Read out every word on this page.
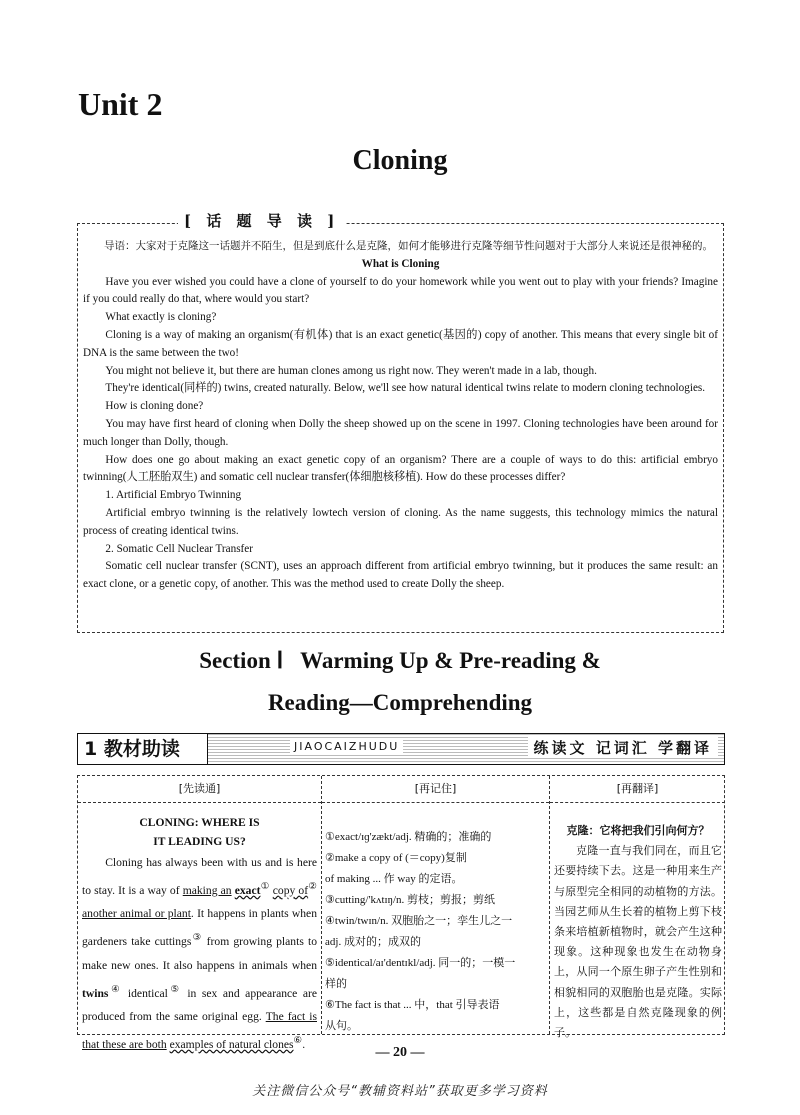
Unit 2
Cloning
[ 话 题 导 读 ]

导语：大家对于克隆这一话题并不陌生，但是到底什么是克隆，如何才能够进行克隆等细节性问题对于大部分人来说还是很神秘的。

What is Cloning

Have you ever wished you could have a clone of yourself to do your homework while you went out to play with your friends? Imagine if you could really do that, where would you start?

What exactly is cloning?

Cloning is a way of making an organism(有机体) that is an exact genetic(基因的) copy of another. This means that every single bit of DNA is the same between the two!

You might not believe it, but there are human clones among us right now. They weren't made in a lab, though.

They're identical(同样的) twins, created naturally. Below, we'll see how natural identical twins relate to modern cloning technologies.

How is cloning done?

You may have first heard of cloning when Dolly the sheep showed up on the scene in 1997. Cloning technologies have been around for much longer than Dolly, though.

How does one go about making an exact genetic copy of an organism? There are a couple of ways to do this: artificial embryo twinning(人工胚胎双生) and somatic cell nuclear transfer(体细胞核移植). How do these processes differ?

1. Artificial Embryo Twinning

Artificial embryo twinning is the relatively lowtech version of cloning. As the name suggests, this technology mimics the natural process of creating identical twins.

2. Somatic Cell Nuclear Transfer

Somatic cell nuclear transfer (SCNT), uses an approach different from artificial embryo twinning, but it produces the same result: an exact clone, or a genetic copy, of another. This was the method used to create Dolly the sheep.

Section Ⅰ   Warming Up & Pre-reading &
Reading—Comprehending
1 教材助读	JIAOCAIZHUDU	练读文 记词汇 学翻译
[先读通]
CLONING: WHERE IS
IT LEADING US?

Cloning has always been with us and is here to stay. It is a way of making an exact① copy of② another animal or plant. It happens in plants when gardeners take cuttings③ from growing plants to make new ones. It also happens in animals when twins④ identical⑤ in sex and appearance are produced from the same original egg. The fact is that these are both examples of natural clones⑥.

[再记住]
①exact/ɪɡ'zækt/adj. 精确的；准确的
②make a copy of (＝copy)复制
of making ... 作 way 的定语。
③cutting/'kʌtɪŋ/n. 剪枝；剪报；剪纸
④twin/twɪn/n. 双胞胎之一；孪生儿之一
adj. 成对的；成双的
⑤identical/aɪ'dentɪkl/adj. 同一的；一模一
样的
⑥The fact is that ... 中，that 引导表语
从句。
[再翻译]
克隆：它将把我们引向何方？

克隆一直与我们同在，而且它还要持续下去。这是一种用来生产与原型完全相同的动植物的方法。当园艺师从生长着的植物上剪下枝条来培植新植物时，就会产生这种现象。这种现象也发生在动物身上，从同一个原生卵子产生性别和相貌相同的双胞胎也是克隆。实际上，这些都是自然克隆现象的例子。

— 20 —
关注微信公众号“教辅资料站”获取更多学习资料
